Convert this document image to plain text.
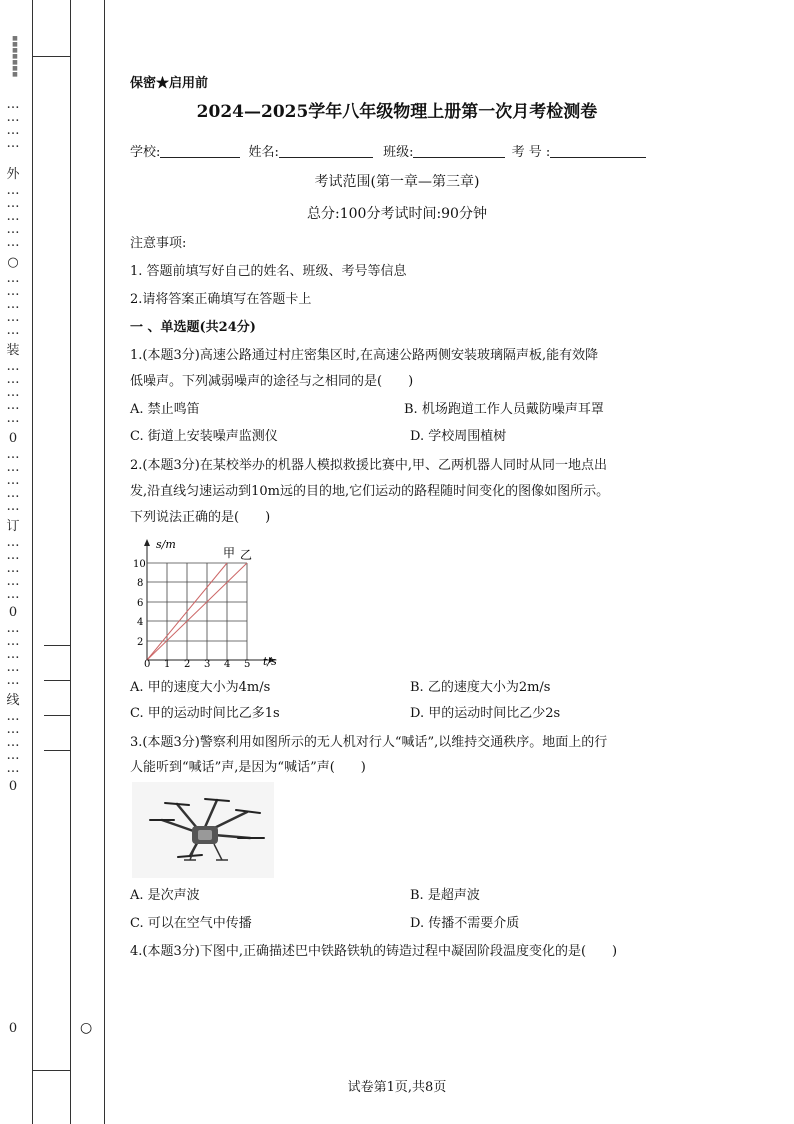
■
■
■
■
■
■
■
…
…
…
…
外
…
…
…
…
…
○
…
…
…
…
…
装
…
…
…
…
…
0
…
…
…
…
…
订
…
…
…
…
…
0
…
…
…
…
…
线
…
…
…
…
…
0
0	○
保密★启用前
2024—2025学年八年级物理上册第一次月考检测卷
学校:	姓名:	班级:	考 号 :
考试范围(第一章—第三章)
总分:100分考试时间:90分钟
注意事项:
1. 答题前填写好自己的姓名、班级、考号等信息
2.请将答案正确填写在答题卡上
一 、单选题(共24分)
1.(本题3分)高速公路通过村庄密集区时,在高速公路两侧安装玻璃隔声板,能有效降
低噪声。下列减弱噪声的途径与之相同的是(　　)
A. 禁止鸣笛	B. 机场跑道工作人员戴防噪声耳罩
C. 街道上安装噪声监测仪	D. 学校周围植树
2.(本题3分)在某校举办的机器人模拟救援比赛中,甲、乙两机器人同时从同一地点出
发,沿直线匀速运动到10m远的目的地,它们运动的路程随时间变化的图像如图所示。
下列说法正确的是(　　)
s/m
t/s
甲 乙
10
8
6
4
2
0 1 2 3 4 5
A. 甲的速度大小为4m/s	B. 乙的速度大小为2m/s
C. 甲的运动时间比乙多1s	D. 甲的运动时间比乙少2s
3.(本题3分)警察利用如图所示的无人机对行人“喊话”,以维持交通秩序。地面上的行
人能听到“喊话”声,是因为“喊话”声(　　)
A. 是次声波	B. 是超声波
C. 可以在空气中传播	D. 传播不需要介质
4.(本题3分)下图中,正确描述巴中铁路铁轨的铸造过程中凝固阶段温度变化的是(　　)
试卷第1页,共8页
